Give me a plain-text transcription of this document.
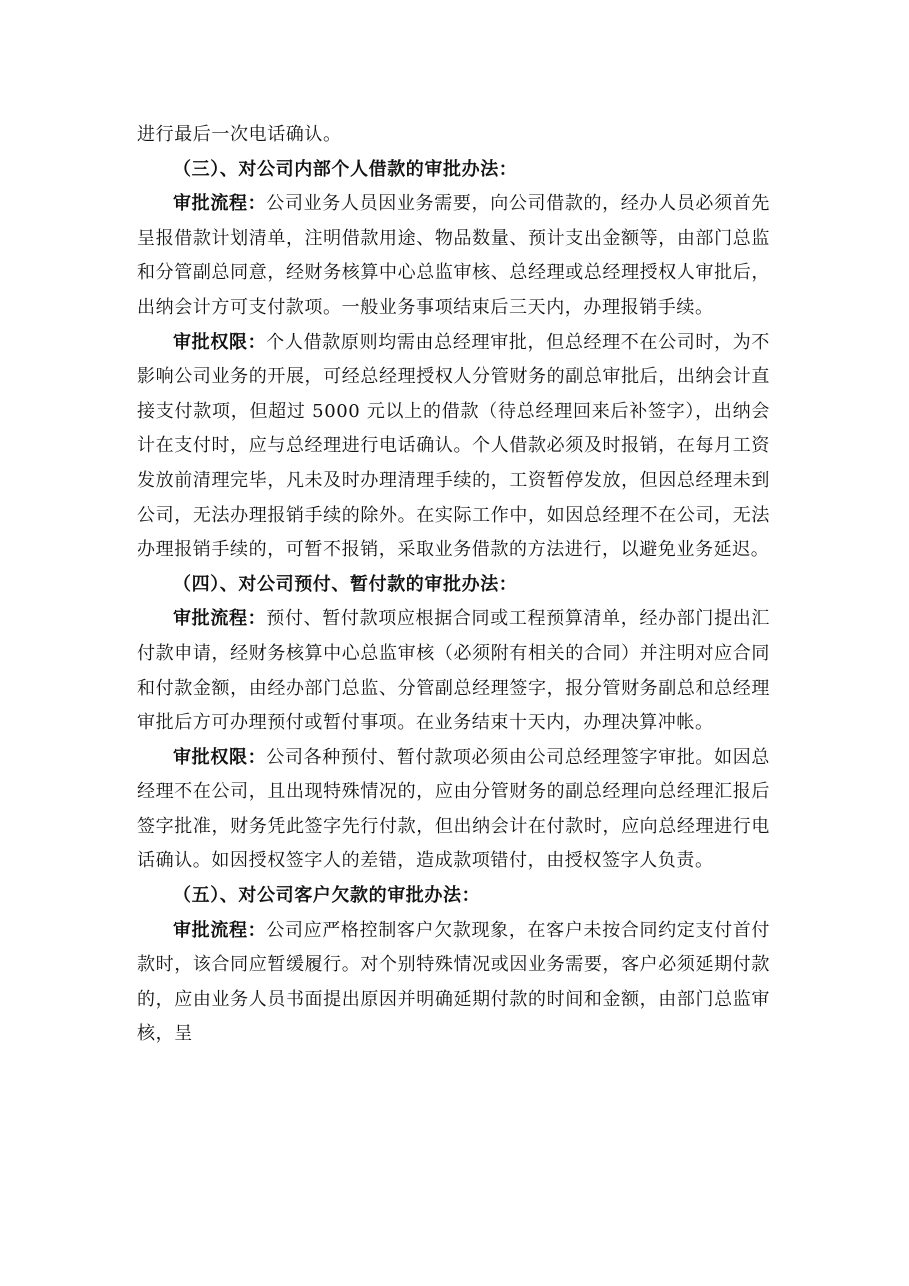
进行最后一次电话确认。

（三）、对公司内部个人借款的审批办法：

审批流程：公司业务人员因业务需要，向公司借款的，经办人员必须首先呈报借款计划清单，注明借款用途、物品数量、预计支出金额等，由部门总监和分管副总同意，经财务核算中心总监审核、总经理或总经理授权人审批后，出纳会计方可支付款项。一般业务事项结束后三天内，办理报销手续。

审批权限：个人借款原则均需由总经理审批，但总经理不在公司时，为不影响公司业务的开展，可经总经理授权人分管财务的副总审批后，出纳会计直接支付款项，但超过 5000 元以上的借款（待总经理回来后补签字），出纳会计在支付时，应与总经理进行电话确认。个人借款必须及时报销，在每月工资发放前清理完毕，凡未及时办理清理手续的，工资暂停发放，但因总经理未到公司，无法办理报销手续的除外。在实际工作中，如因总经理不在公司，无法办理报销手续的，可暂不报销，采取业务借款的方法进行，以避免业务延迟。

（四）、对公司预付、暂付款的审批办法：

审批流程：预付、暂付款项应根据合同或工程预算清单，经办部门提出汇付款申请，经财务核算中心总监审核（必须附有相关的合同）并注明对应合同和付款金额，由经办部门总监、分管副总经理签字，报分管财务副总和总经理审批后方可办理预付或暂付事项。在业务结束十天内，办理决算冲帐。

审批权限：公司各种预付、暂付款项必须由公司总经理签字审批。如因总经理不在公司，且出现特殊情况的，应由分管财务的副总经理向总经理汇报后签字批准，财务凭此签字先行付款，但出纳会计在付款时，应向总经理进行电话确认。如因授权签字人的差错，造成款项错付，由授权签字人负责。

（五）、对公司客户欠款的审批办法：

审批流程：公司应严格控制客户欠款现象，在客户未按合同约定支付首付款时，该合同应暂缓履行。对个别特殊情况或因业务需要，客户必须延期付款的，应由业务人员书面提出原因并明确延期付款的时间和金额，由部门总监审核，呈
